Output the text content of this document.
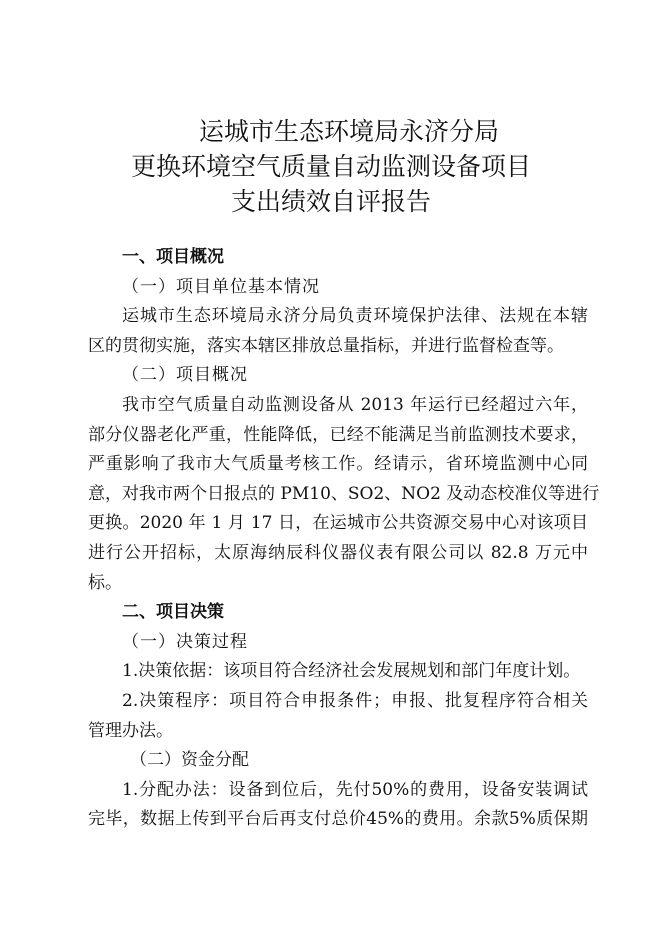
运城市生态环境局永济分局
更换环境空气质量自动监测设备项目
支出绩效自评报告
一、项目概况
（一）项目单位基本情况
运城市生态环境局永济分局负责环境保护法律、法规在本辖
区的贯彻实施，落实本辖区排放总量指标，并进行监督检查等。
（二）项目概况
我市空气质量自动监测设备从 2013 年运行已经超过六年，
部分仪器老化严重，性能降低，已经不能满足当前监测技术要求，
严重影响了我市大气质量考核工作。经请示，省环境监测中心同
意，对我市两个日报点的 PM10、SO2、NO2 及动态校准仪等进行
更换。2020 年 1 月 17 日，在运城市公共资源交易中心对该项目
进行公开招标，太原海纳辰科仪器仪表有限公司以 82.8 万元中
标。
二、项目决策
（一）决策过程
1.决策依据：该项目符合经济社会发展规划和部门年度计划。
2.决策程序：项目符合申报条件；申报、批复程序符合相关
管理办法。
（二）资金分配
1.分配办法：设备到位后，先付50%的费用，设备安装调试
完毕，数据上传到平台后再支付总价45%的费用。余款5%质保期
